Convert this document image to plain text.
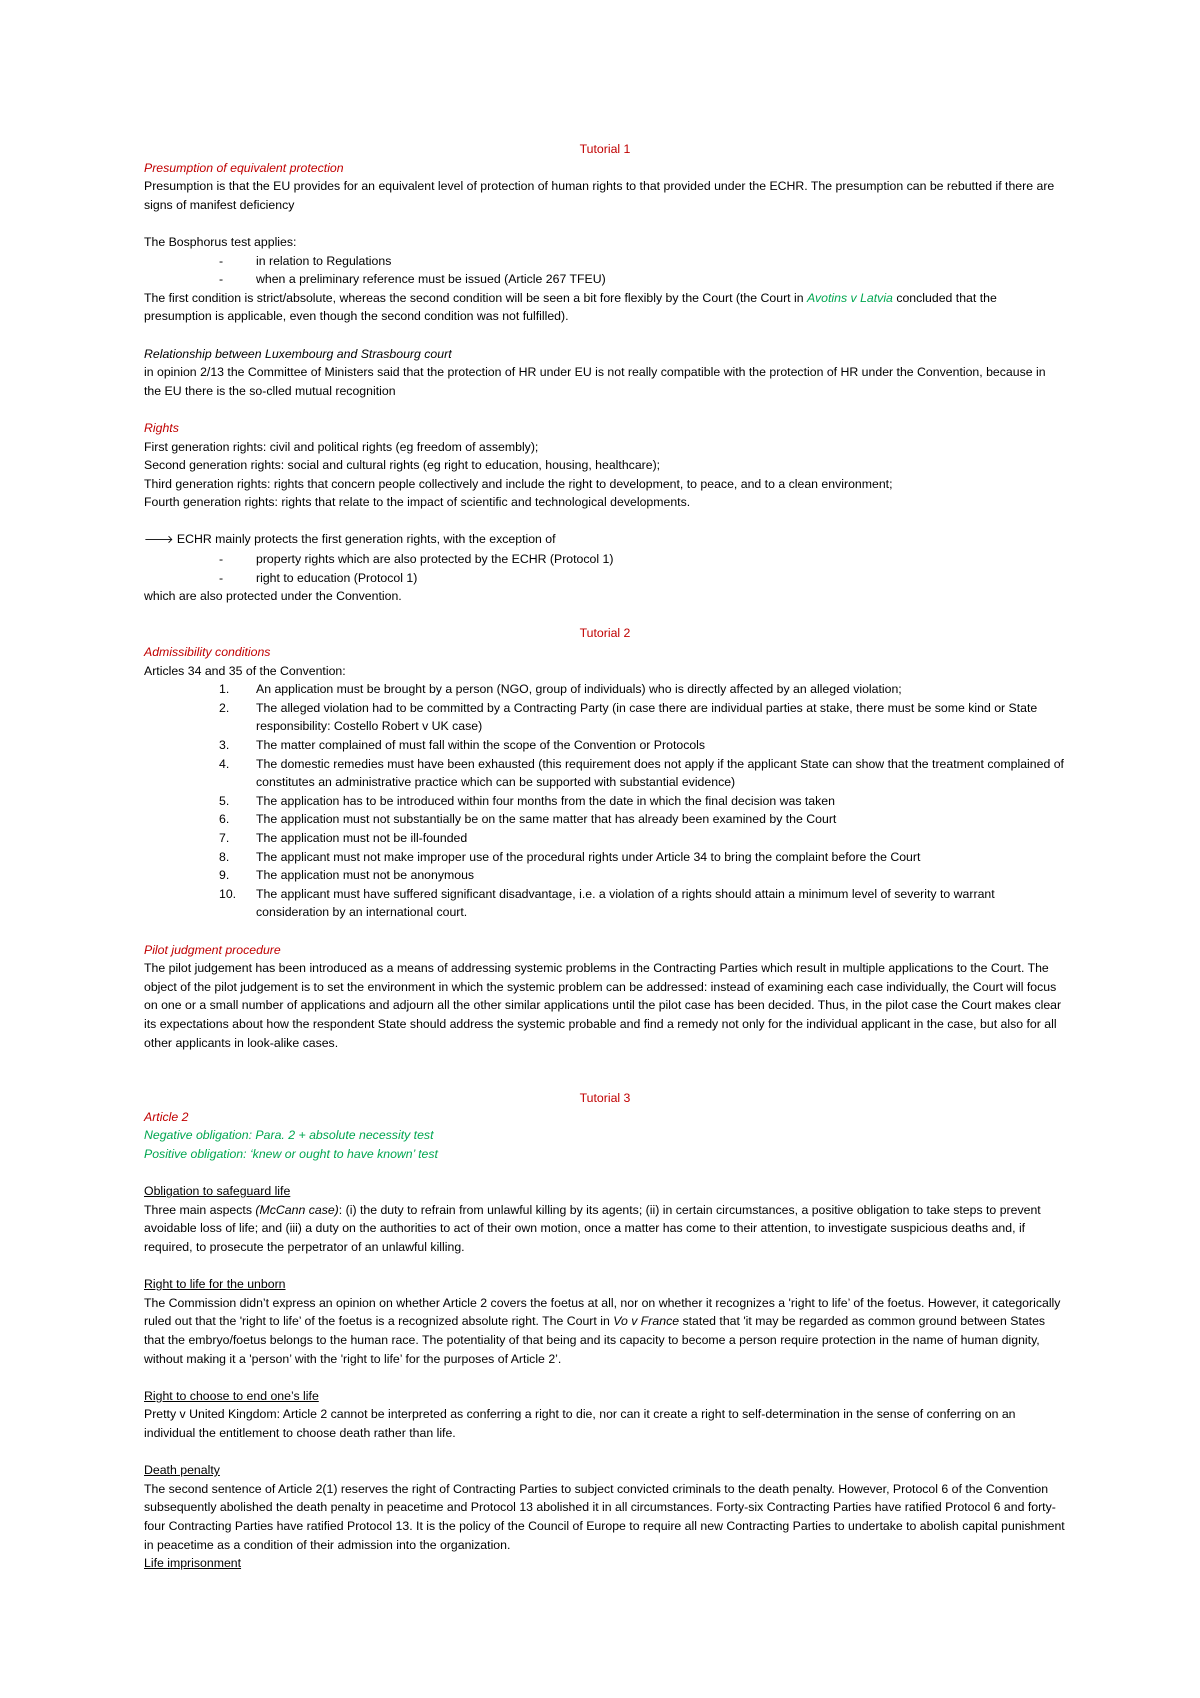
Tutorial 1

Presumption of equivalent protection

Presumption is that the EU provides for an equivalent level of protection of human rights to that provided under the ECHR. The presumption can be rebutted if there are signs of manifest deficiency

The Bosphorus test applies:

- in relation to Regulations
- when a preliminary reference must be issued (Article 267 TFEU)

The first condition is strict/absolute, whereas the second condition will be seen a bit fore flexibly by the Court (the Court in Avotins v Latvia concluded that the presumption is applicable, even though the second condition was not fulfilled).

Relationship between Luxembourg and Strasbourg court

in opinion 2/13 the Committee of Ministers said that the protection of HR under EU is not really compatible with the protection of HR under the Convention, because in the EU there is the so-clled mutual recognition

Rights

First generation rights: civil and political rights (eg freedom of assembly);

Second generation rights: social and cultural rights (eg right to education, housing, healthcare);

Third generation rights: rights that concern people collectively and include the right to development, to peace, and to a clean environment;

Fourth generation rights: rights that relate to the impact of scientific and technological developments.

🡒 ECHR mainly protects the first generation rights, with the exception of

- property rights which are also protected by the ECHR (Protocol 1)
- right to education (Protocol 1)

which are also protected under the Convention.

Tutorial 2

Admissibility conditions

Articles 34 and 35 of the Convention:

1.	An application must be brought by a person (NGO, group of individuals) who is directly affected by an alleged violation;
2.	The alleged violation had to be committed by a Contracting Party (in case there are individual parties at stake, there must be some kind or State responsibility: Costello Robert v UK case)
3.	The matter complained of must fall within the scope of the Convention or Protocols
4.	The domestic remedies must have been exhausted (this requirement does not apply if the applicant State can show that the treatment complained of constitutes an administrative practice which can be supported with substantial evidence)
5.	The application has to be introduced within four months from the date in which the final decision was taken
6.	The application must not substantially be on the same matter that has already been examined by the Court
7.	The application must not be ill-founded
8.	The applicant must not make improper use of the procedural rights under Article 34 to bring the complaint before the Court
9.	The application must not be anonymous
10.	The applicant must have suffered significant disadvantage, i.e. a violation of a rights should attain a minimum level of severity to warrant consideration by an international court.

Pilot judgment procedure

The pilot judgement has been introduced as a means of addressing systemic problems in the Contracting Parties which result in multiple applications to the Court. The object of the pilot judgement is to set the environment in which the systemic problem can be addressed: instead of examining each case individually, the Court will focus on one or a small number of applications and adjourn all the other similar applications until the pilot case has been decided. Thus, in the pilot case the Court makes clear its expectations about how the respondent State should address the systemic probable and find a remedy not only for the individual applicant in the case, but also for all other applicants in look-alike cases.

Tutorial 3

Article 2

Negative obligation: Para. 2 + absolute necessity test

Positive obligation: ‘knew or ought to have known’ test

Obligation to safeguard life

Three main aspects (McCann case): (i) the duty to refrain from unlawful killing by its agents; (ii) in certain circumstances, a positive obligation to take steps to prevent avoidable loss of life; and (iii) a duty on the authorities to act of their own motion, once a matter has come to their attention, to investigate suspicious deaths and, if required, to prosecute the perpetrator of an unlawful killing.

Right to life for the unborn

The Commission didn’t express an opinion on whether Article 2 covers the foetus at all, nor on whether it recognizes a 'right to life’ of the foetus. However, it categorically ruled out that the 'right to life’ of the foetus is a recognized absolute right. The Court in Vo v France stated that 'it may be regarded as common ground between States that the embryo/foetus belongs to the human race. The potentiality of that being and its capacity to become a person require protection in the name of human dignity, without making it a 'person’ with the 'right to life’ for the purposes of Article 2’.

Right to choose to end one’s life

Pretty v United Kingdom: Article 2 cannot be interpreted as conferring a right to die, nor can it create a right to self-determination in the sense of conferring on an individual the entitlement to choose death rather than life.

Death penalty

The second sentence of Article 2(1) reserves the right of Contracting Parties to subject convicted criminals to the death penalty. However, Protocol 6 of the Convention subsequently abolished the death penalty in peacetime and Protocol 13 abolished it in all circumstances. Forty-six Contracting Parties have ratified Protocol 6 and forty-four Contracting Parties have ratified Protocol 13. It is the policy of the Council of Europe to require all new Contracting Parties to undertake to abolish capital punishment in peacetime as a condition of their admission into the organization.

Life imprisonment
